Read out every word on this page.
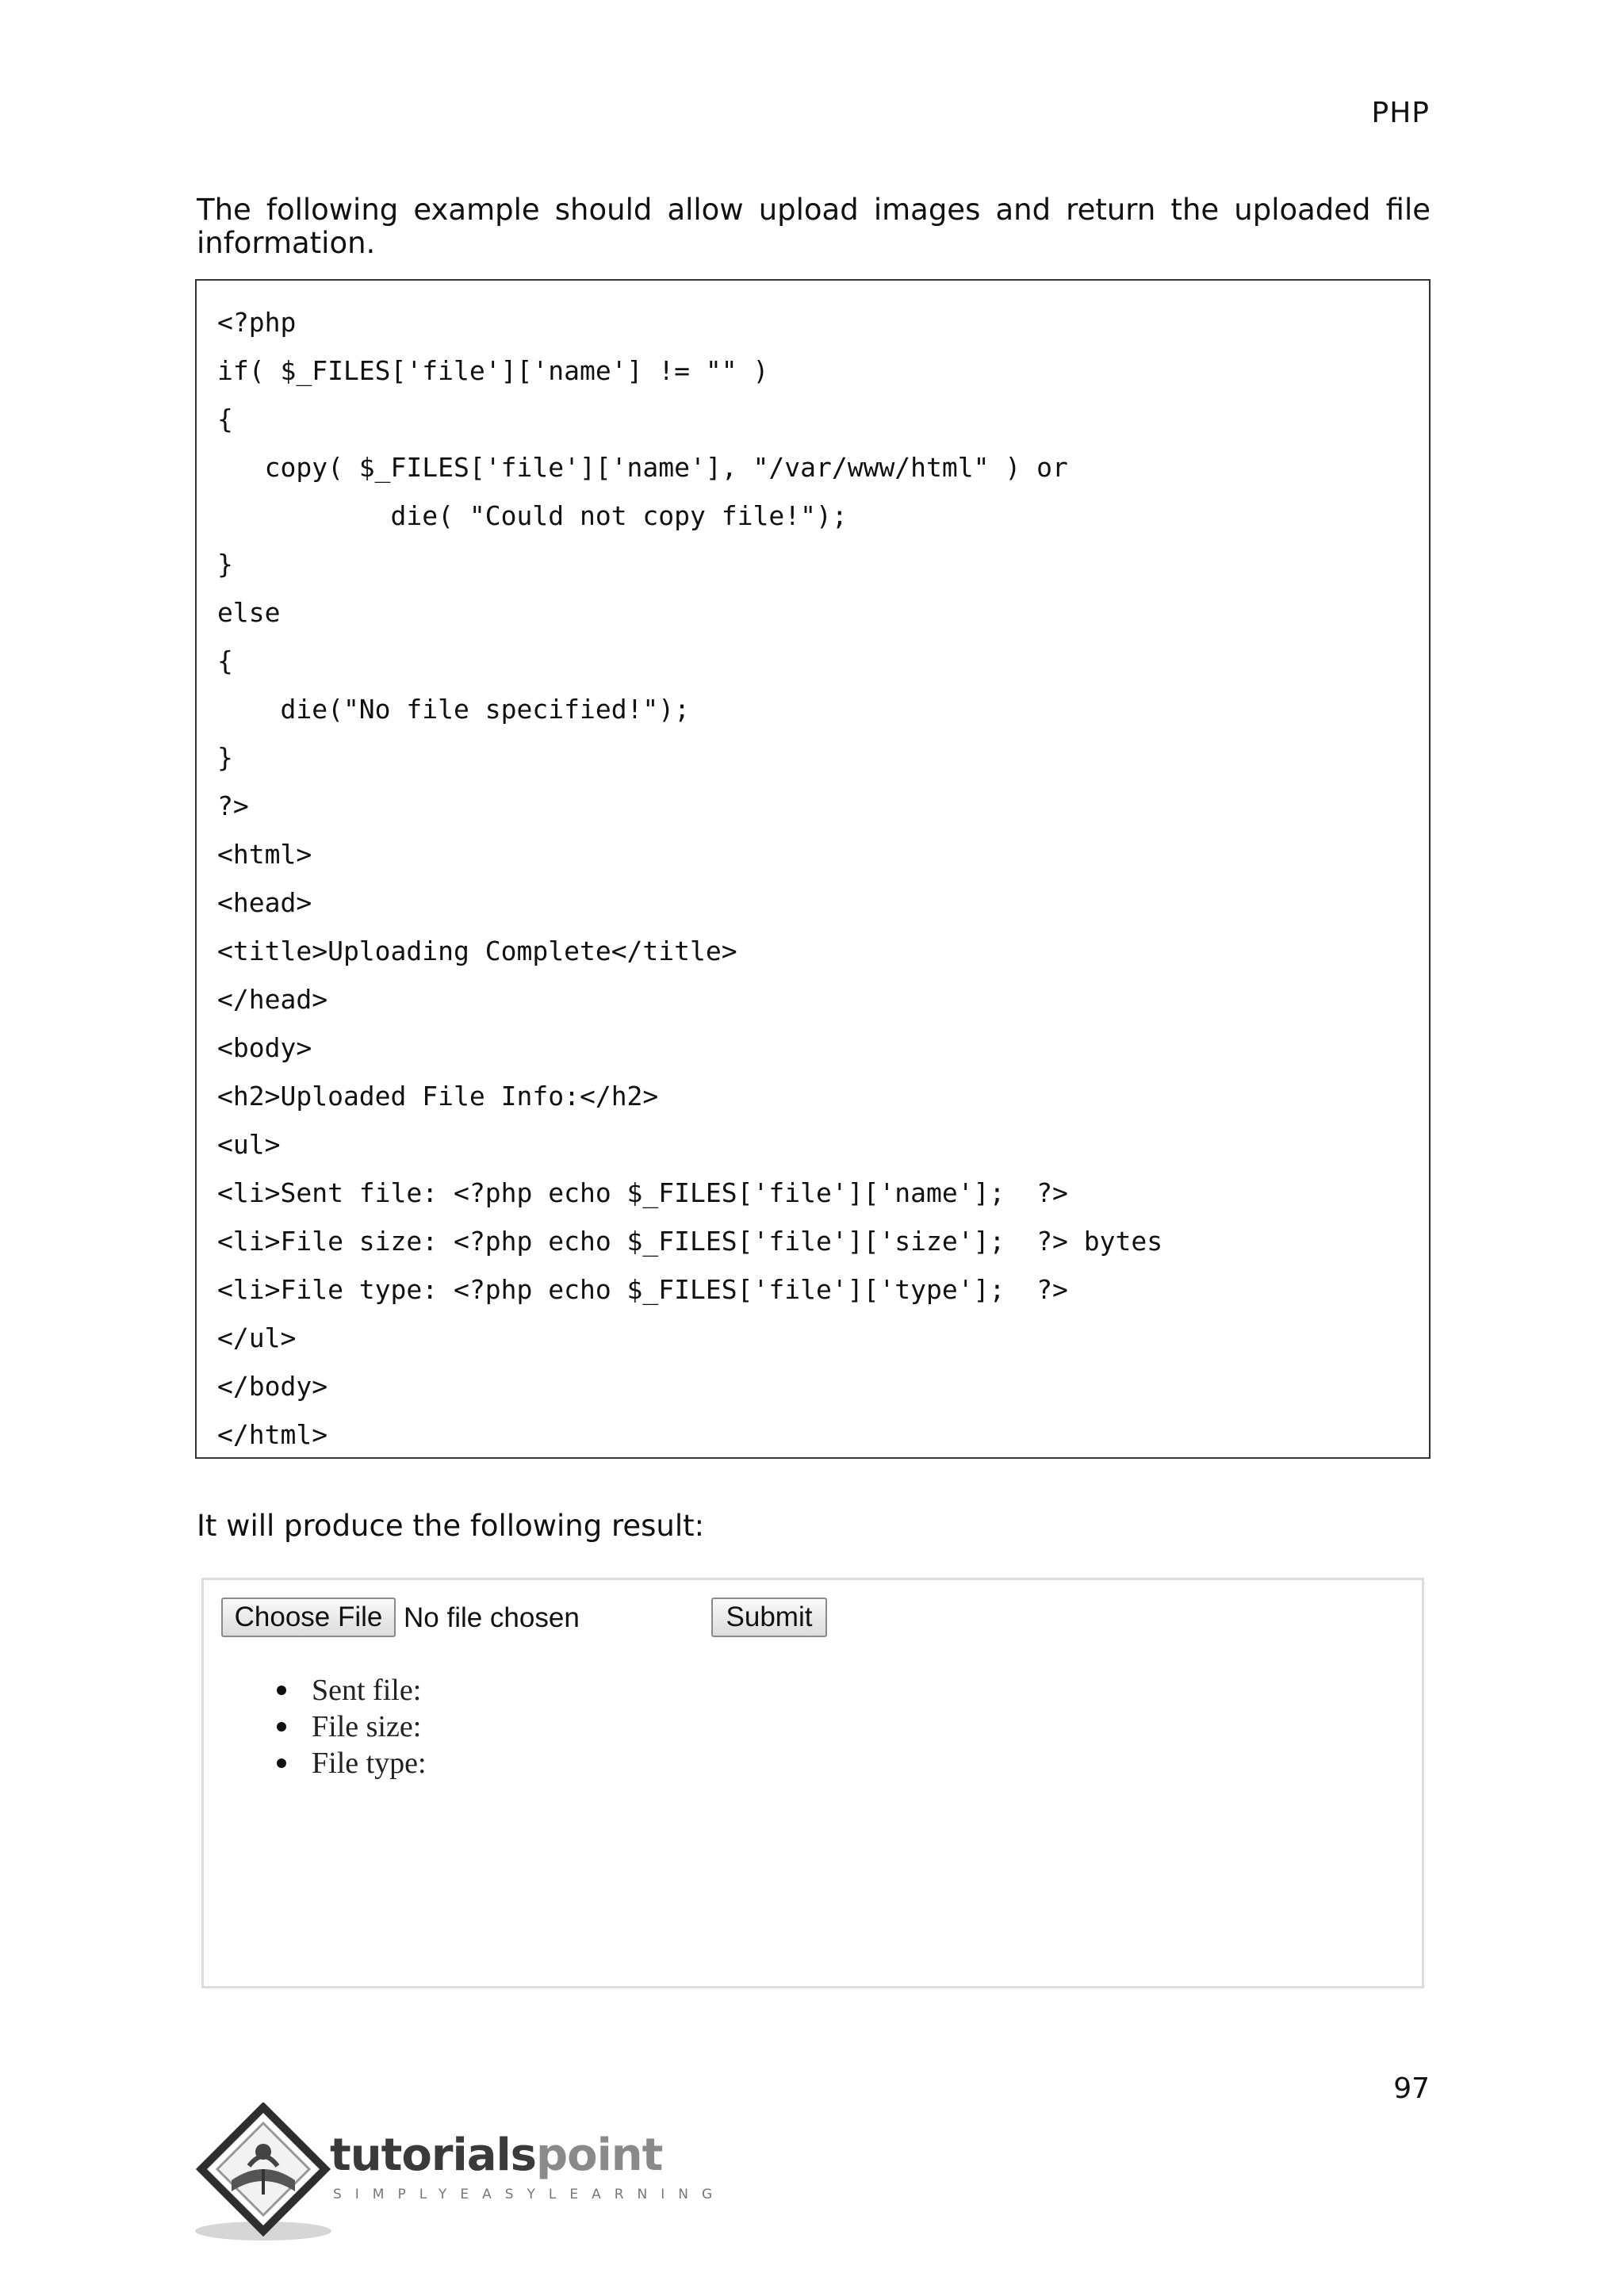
PHP

The following example should allow upload images and return the uploaded file information.

<?php
if( $_FILES['file']['name'] != "" )
{
copy( $_FILES['file']['name'], "/var/www/html" ) or
die( "Could not copy file!");
}
else
{
die("No file specified!");
}
?>
<html>
<head>
<title>Uploading Complete</title>
</head>
<body>
<h2>Uploaded File Info:</h2>
<ul>
<li>Sent file: <?php echo $_FILES['file']['name'];  ?>
<li>File size: <?php echo $_FILES['file']['size'];  ?> bytes
<li>File type: <?php echo $_FILES['file']['type'];  ?>
</ul>
</body>
</html>
It will produce the following result:
Choose File No file chosen	Submit
Sent file:
File size:
File type:
97
tutorialspoint
SIMPLYEASYLEARNING
